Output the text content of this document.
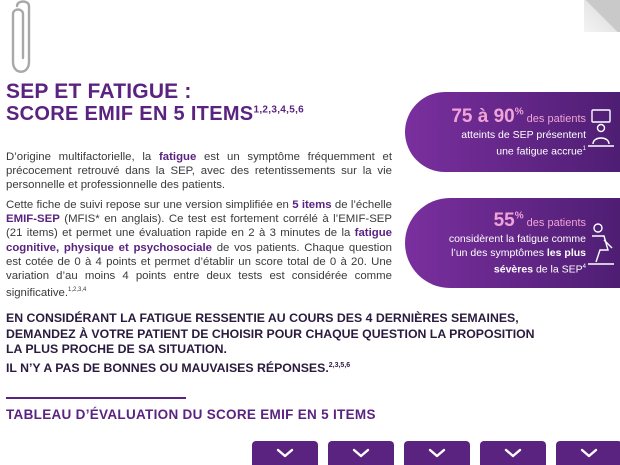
SEP ET FATIGUE :
SCORE EMIF EN 5 ITEMS$^{1,2,3,4,5,6}$

D’origine multifactorielle, la fatigue est un symptôme fréquemment et précocement retrouvé dans la SEP, avec des retentissements sur la vie personnelle et professionnelle des patients.

Cette fiche de suivi repose sur une version simplifiée en 5 items de l’échelle EMIF-SEP (MFIS* en anglais). Ce test est fortement corrélé à l’EMIF-SEP (21 items) et permet une évaluation rapide en 2 à 3 minutes de la fatigue cognitive, physique et psychosociale de vos patients. Chaque question est cotée de 0 à 4 points et permet d’établir un score total de 0 à 20. Une variation d’au moins 4 points entre deux tests est considérée comme significative.$^{1,2,3,4}$

75 à 90% des patients
atteints de SEP présentent
une fatigue accrue$^1$
55% des patients
considèrent la fatigue comme
l’un des symptômes les plus
sévères de la SEP$^4$
EN CONSIDÉRANT LA FATIGUE RESSENTIE AU COURS DES 4 DERNIÈRES SEMAINES,
DEMANDEZ À VOTRE PATIENT DE CHOISIR POUR CHAQUE QUESTION LA PROPOSITION
LA PLUS PROCHE DE SA SITUATION.
IL N’Y A PAS DE BONNES OU MAUVAISES RÉPONSES.$^{2,3,5,6}$
TABLEAU D’ÉVALUATION DU SCORE EMIF EN 5 ITEMS
